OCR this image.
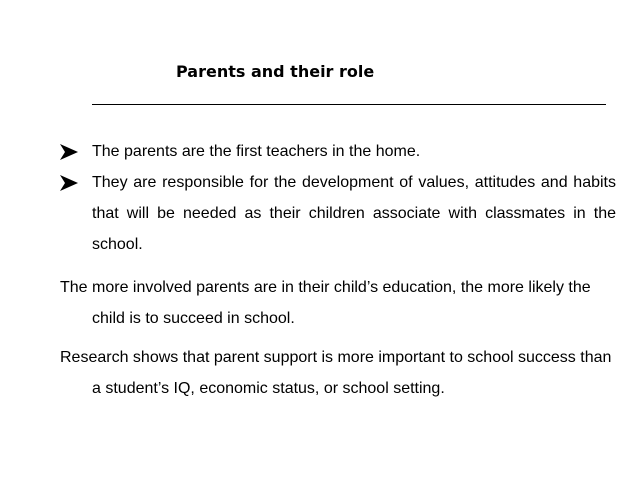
Parents and their role
The parents are the first teachers in the home.
They are responsible for the development of values, attitudes and habits that will be needed as their children associate with classmates in the school.
The more involved parents are in their child’s education, the more likely the child is to succeed in school.
Research shows that parent support is more important to school success than a student’s IQ, economic status, or school setting.
